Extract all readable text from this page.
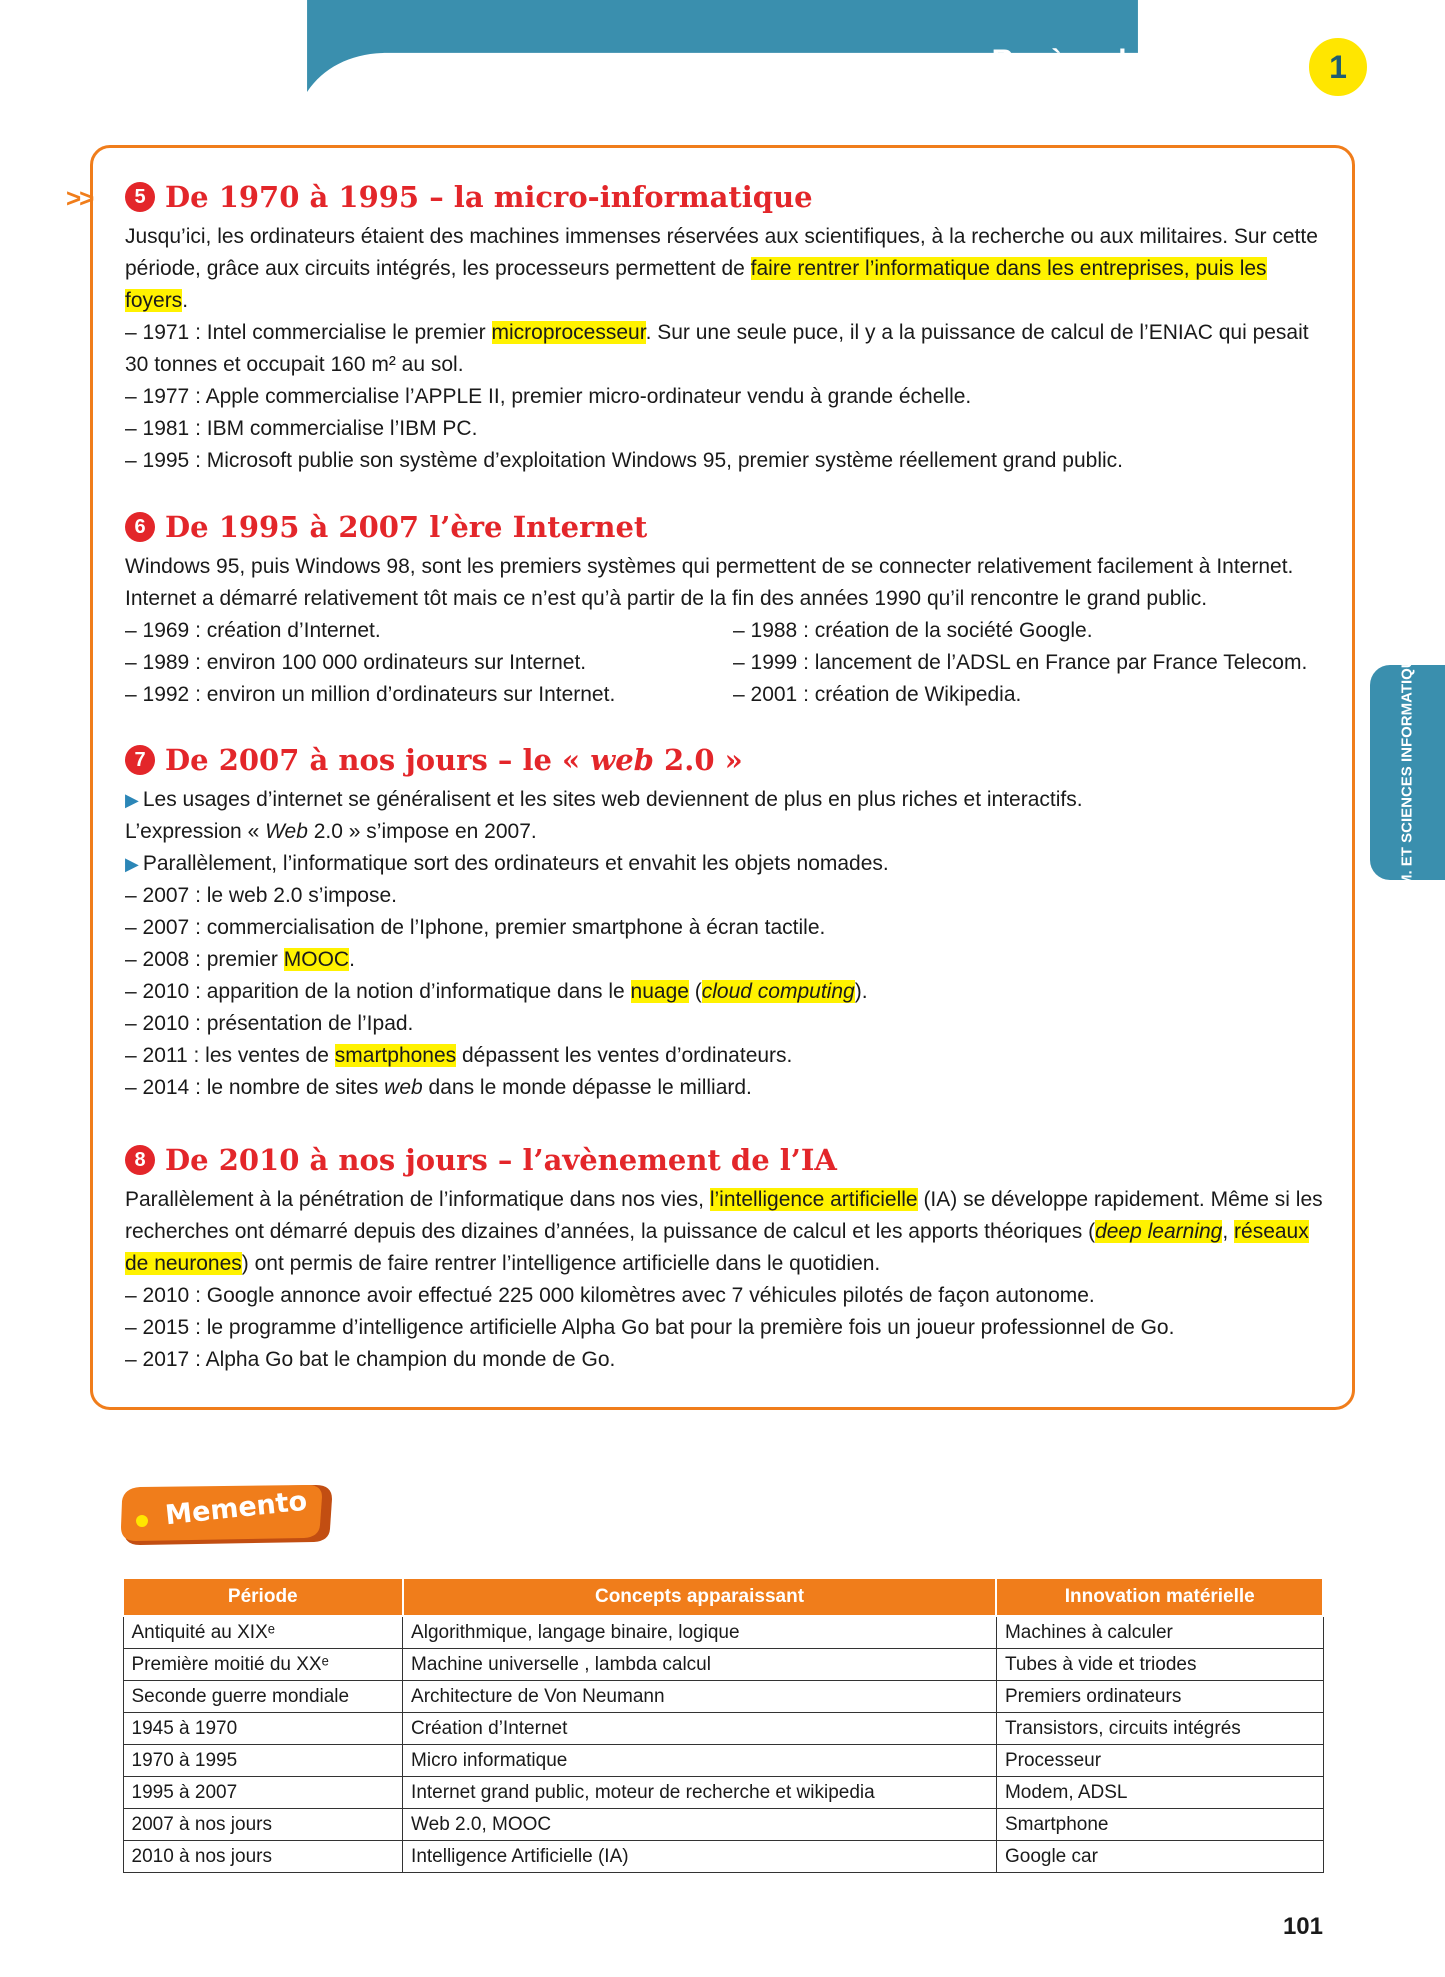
Repères historiques	1
NUM. ET SCIENCES INFORMATIQUES
>>	5 De 1970 à 1995 – la micro-informatique

Jusqu’ici, les ordinateurs étaient des machines immenses réservées aux scientifiques, à la recherche ou aux militaires. Sur cette période, grâce aux circuits intégrés, les processeurs permettent de faire rentrer l’informatique dans les entreprises, puis les foyers.

– 1971 : Intel commercialise le premier microprocesseur. Sur une seule puce, il y a la puissance de calcul de l’ENIAC qui pesait 30 tonnes et occupait 160 m² au sol.

– 1977 : Apple commercialise l’APPLE II, premier micro-ordinateur vendu à grande échelle.

– 1981 : IBM commercialise l’IBM PC.

– 1995 : Microsoft publie son système d’exploitation Windows 95, premier système réellement grand public.

6 De 1995 à 2007 l’ère Internet

Windows 95, puis Windows 98, sont les premiers systèmes qui permettent de se connecter relativement facilement à Internet. Internet a démarré relativement tôt mais ce n’est qu’à partir de la fin des années 1990 qu’il rencontre le grand public.

– 1969 : création d’Internet.

– 1989 : environ 100 000 ordinateurs sur Internet.

– 1992 : environ un million d’ordinateurs sur Internet.

– 1988 : création de la société Google.

– 1999 : lancement de l’ADSL en France par France Telecom.

– 2001 : création de Wikipedia.

7 De 2007 à nos jours – le « web 2.0 »

▶ Les usages d’internet se généralisent et les sites web deviennent de plus en plus riches et interactifs.

L’expression « Web 2.0 » s’impose en 2007.

▶ Parallèlement, l’informatique sort des ordinateurs et envahit les objets nomades.

– 2007 : le web 2.0 s’impose.

– 2007 : commercialisation de l’Iphone, premier smartphone à écran tactile.

– 2008 : premier MOOC.

– 2010 : apparition de la notion d’informatique dans le nuage (cloud computing).

– 2010 : présentation de l’Ipad.

– 2011 : les ventes de smartphones dépassent les ventes d’ordinateurs.

– 2014 : le nombre de sites web dans le monde dépasse le milliard.

8 De 2010 à nos jours – l’avènement de l’IA

Parallèlement à la pénétration de l’informatique dans nos vies, l’intelligence artificielle (IA) se développe rapidement. Même si les recherches ont démarré depuis des dizaines d’années, la puissance de calcul et les apports théoriques (deep learning, réseaux de neurones) ont permis de faire rentrer l’intelligence artificielle dans le quotidien.

– 2010 : Google annonce avoir effectué 225 000 kilomètres avec 7 véhicules pilotés de façon autonome.

– 2015 : le programme d’intelligence artificielle Alpha Go bat pour la première fois un joueur professionnel de Go.

– 2017 : Alpha Go bat le champion du monde de Go.

Memento
Période	Concepts apparaissant	Innovation matérielle
Antiquité au XIXᵉ	Algorithmique, langage binaire, logique	Machines à calculer
Première moitié du XXᵉ	Machine universelle , lambda calcul	Tubes à vide et triodes
Seconde guerre mondiale	Architecture de Von Neumann	Premiers ordinateurs
1945 à 1970	Création d’Internet	Transistors, circuits intégrés
1970 à 1995	Micro informatique	Processeur
1995 à 2007	Internet grand public, moteur de recherche et wikipedia	Modem, ADSL
2007 à nos jours	Web 2.0, MOOC	Smartphone
2010 à nos jours	Intelligence Artificielle (IA)	Google car
101
